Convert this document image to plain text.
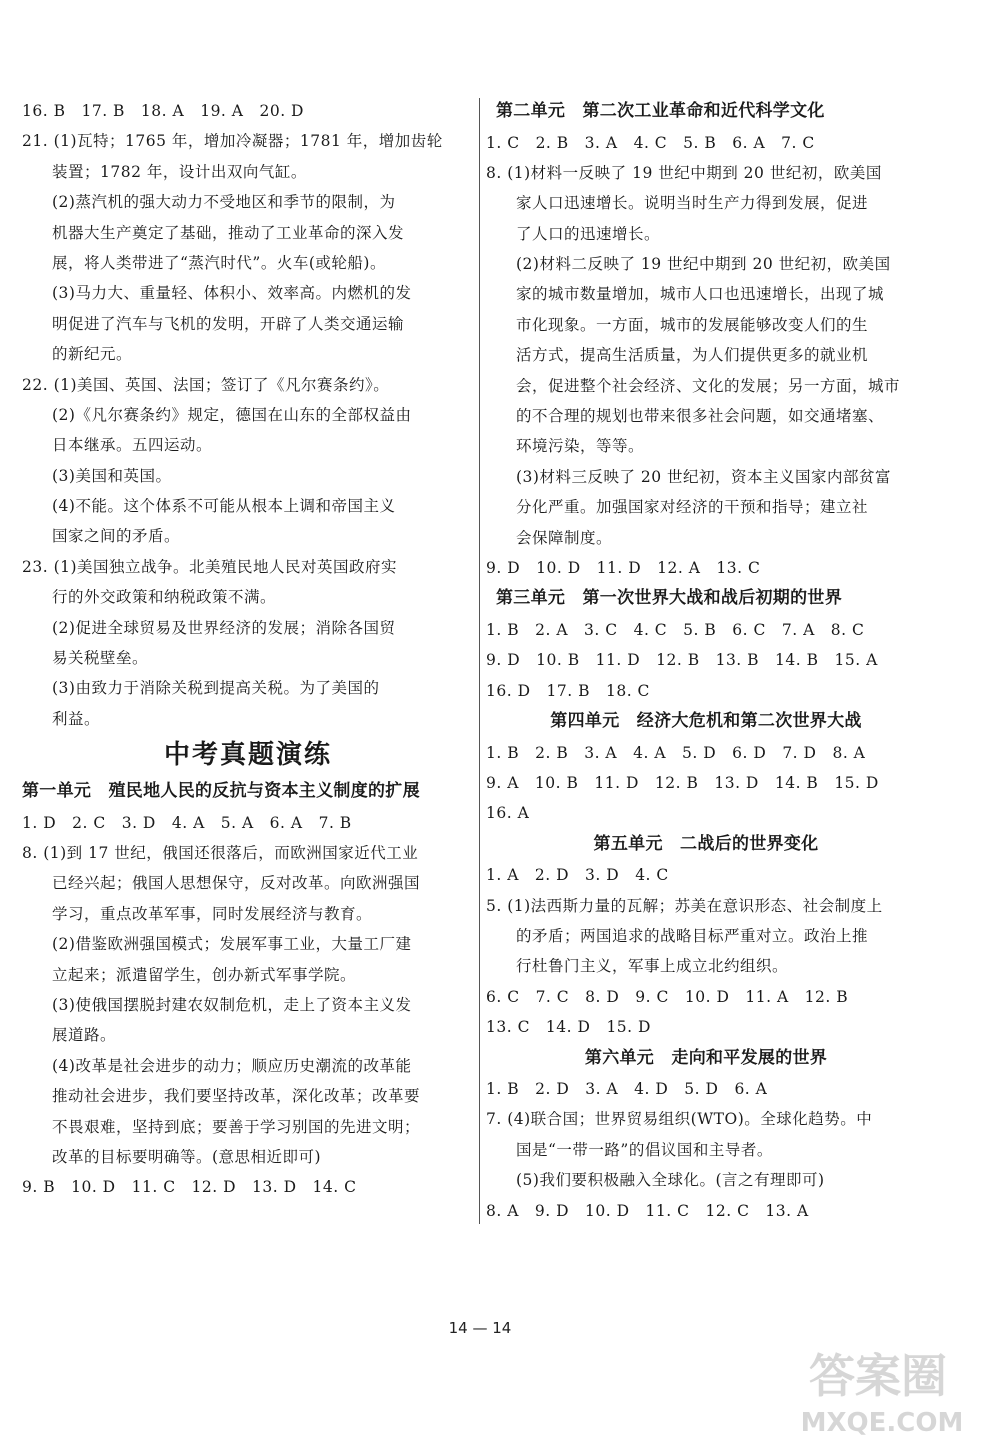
16. B　17. B　18. A　19. A　20. D
21. (1)瓦特；1765 年，增加冷凝器；1781 年，增加齿轮
装置；1782 年，设计出双向气缸。
(2)蒸汽机的强大动力不受地区和季节的限制，为
机器大生产奠定了基础，推动了工业革命的深入发
展，将人类带进了“蒸汽时代”。火车(或轮船)。
(3)马力大、重量轻、体积小、效率高。内燃机的发
明促进了汽车与飞机的发明，开辟了人类交通运输
的新纪元。
22. (1)美国、英国、法国；签订了《凡尔赛条约》。
(2)《凡尔赛条约》规定，德国在山东的全部权益由
日本继承。五四运动。
(3)美国和英国。
(4)不能。这个体系不可能从根本上调和帝国主义
国家之间的矛盾。
23. (1)美国独立战争。北美殖民地人民对英国政府实
行的外交政策和纳税政策不满。
(2)促进全球贸易及世界经济的发展；消除各国贸
易关税壁垒。
(3)由致力于消除关税到提高关税。为了美国的
利益。
中考真题演练
第一单元　殖民地人民的反抗与资本主义制度的扩展
1. D　2. C　3. D　4. A　5. A　6. A　7. B
8. (1)到 17 世纪，俄国还很落后，而欧洲国家近代工业
已经兴起；俄国人思想保守，反对改革。向欧洲强国
学习，重点改革军事，同时发展经济与教育。
(2)借鉴欧洲强国模式；发展军事工业，大量工厂建
立起来；派遣留学生，创办新式军事学院。
(3)使俄国摆脱封建农奴制危机，走上了资本主义发
展道路。
(4)改革是社会进步的动力；顺应历史潮流的改革能
推动社会进步，我们要坚持改革，深化改革；改革要
不畏艰难，坚持到底；要善于学习别国的先进文明；
改革的目标要明确等。(意思相近即可)
9. B　10. D　11. C　12. D　13. D　14. C
第二单元　第二次工业革命和近代科学文化
1. C　2. B　3. A　4. C　5. B　6. A　7. C
8. (1)材料一反映了 19 世纪中期到 20 世纪初，欧美国
家人口迅速增长。说明当时生产力得到发展，促进
了人口的迅速增长。
(2)材料二反映了 19 世纪中期到 20 世纪初，欧美国
家的城市数量增加，城市人口也迅速增长，出现了城
市化现象。一方面，城市的发展能够改变人们的生
活方式，提高生活质量，为人们提供更多的就业机
会，促进整个社会经济、文化的发展；另一方面，城市
的不合理的规划也带来很多社会问题，如交通堵塞、
环境污染，等等。
(3)材料三反映了 20 世纪初，资本主义国家内部贫富
分化严重。加强国家对经济的干预和指导；建立社
会保障制度。
9. D　10. D　11. D　12. A　13. C
第三单元　第一次世界大战和战后初期的世界
1. B　2. A　3. C　4. C　5. B　6. C　7. A　8. C
9. D　10. B　11. D　12. B　13. B　14. B　15. A
16. D　17. B　18. C
第四单元　经济大危机和第二次世界大战
1. B　2. B　3. A　4. A　5. D　6. D　7. D　8. A
9. A　10. B　11. D　12. B　13. D　14. B　15. D
16. A
第五单元　二战后的世界变化
1. A　2. D　3. D　4. C
5. (1)法西斯力量的瓦解；苏美在意识形态、社会制度上
的矛盾；两国追求的战略目标严重对立。政治上推
行杜鲁门主义，军事上成立北约组织。
6. C　7. C　8. D　9. C　10. D　11. A　12. B
13. C　14. D　15. D
第六单元　走向和平发展的世界
1. B　2. D　3. A　4. D　5. D　6. A
7. (4)联合国；世界贸易组织(WTO)。全球化趋势。中
国是“一带一路”的倡议国和主导者。
(5)我们要积极融入全球化。(言之有理即可)
8. A　9. D　10. D　11. C　12. C　13. A
14 — 14
答案圈
MXQE.COM
